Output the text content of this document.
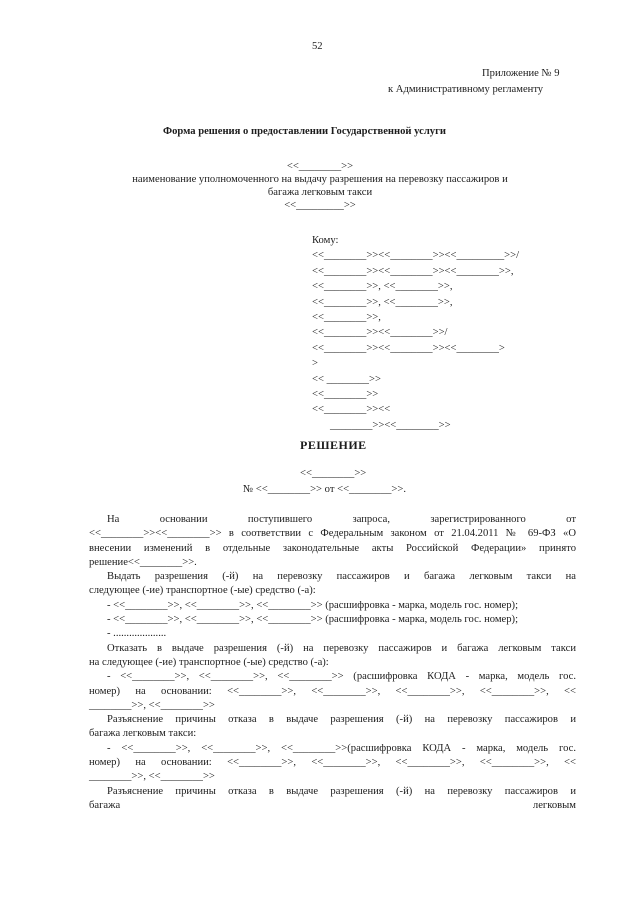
52
Приложение № 9
к Административному регламенту
Форма решения о предоставлении Государственной услуги
<<________>>
наименование уполномоченного на выдачу разрешения на перевозку пассажиров и
багажа легковым такси
<<_________>>
Кому:
<<________>><<________>><<_________>>/
<<________>><<________>><<________>>,
<<________>>, <<________>>,
<<________>>, <<________>>,
<<________>>,
<<________>><<________>>/
<<________>><<________>><<________>
>
<< ________>>
<<________>>
<<________>><<
________>><<________>>
РЕШЕНИЕ
<<________>>
№ <<________>> от <<________>>.
На	основании	поступившего	запроса,	зарегистрированного	от
<<________>><<________>> в соответствии с Федеральным законом от 21.04.2011 № 69-ФЗ «О
внесении изменений в отдельные законодательные акты Российской Федерации» принято
решение<<________>>.
Выдать разрешения (-й) на перевозку пассажиров и багажа легковым такси на
следующее (-ие) транспортное (-ые) средство (-а):
- <<________>>, <<________>>, <<________>> (расшифровка - марка, модель гос. номер);
- <<________>>, <<________>>, <<________>> (расшифровка - марка, модель гос. номер);
- ....................
Отказать в выдаче разрешения (-й) на перевозку пассажиров и багажа легковым такси
на следующее (-ие) транспортное (-ые) средство (-а):
- <<________>>, <<________>>, <<________>> (расшифровка КОДА - марка, модель гос.
номер) на основании: <<________>>, <<________>>, <<________>>, <<________>>, <<
________>>, <<________>>
Разъяснение причины отказа в выдаче разрешения (-й) на перевозку пассажиров и
багажа легковым такси:
- <<________>>, <<________>>, <<________>>(расшифровка КОДА - марка, модель гос.
номер) на основании: <<________>>, <<________>>, <<________>>, <<________>>, <<
________>>, <<________>>
Разъяснение причины отказа в выдаче разрешения (-й) на перевозку пассажиров и
багажа	легковым
